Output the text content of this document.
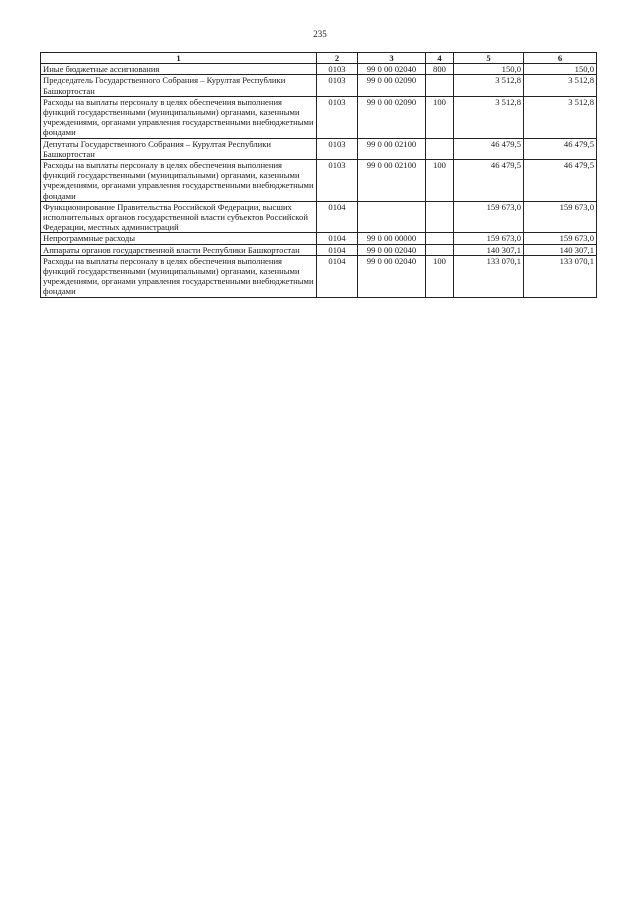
235
1	2	3	4	5	6
Иные бюджетные ассигнования	0103	99 0 00 02040	800	150,0	150,0
Председатель Государственного Собрания – Курултая Республики Башкортостан	0103	99 0 00 02090		3 512,8	3 512,8
Расходы на выплаты персоналу в целях обеспечения выполнения функций государственными (муниципальными) органами, казенными учреждениями, органами управления государственными внебюджетными фондами	0103	99 0 00 02090	100	3 512,8	3 512,8
Депутаты Государственного Собрания – Курултая Республики Башкортостан	0103	99 0 00 02100		46 479,5	46 479,5
Расходы на выплаты персоналу в целях обеспечения выполнения функций государственными (муниципальными) органами, казенными учреждениями, органами управления государственными внебюджетными фондами	0103	99 0 00 02100	100	46 479,5	46 479,5
Функционирование Правительства Российской Федерации, высших исполнительных органов государственной власти субъектов Российской Федерации, местных администраций	0104			159 673,0	159 673,0
Непрограммные расходы	0104	99 0 00 00000		159 673,0	159 673,0
Аппараты органов государственной власти Республики Башкортостан	0104	99 0 00 02040		140 307,1	140 307,1
Расходы на выплаты персоналу в целях обеспечения выполнения функций государственными (муниципальными) органами, казенными учреждениями, органами управления государственными внебюджетными фондами	0104	99 0 00 02040	100	133 070,1	133 070,1
